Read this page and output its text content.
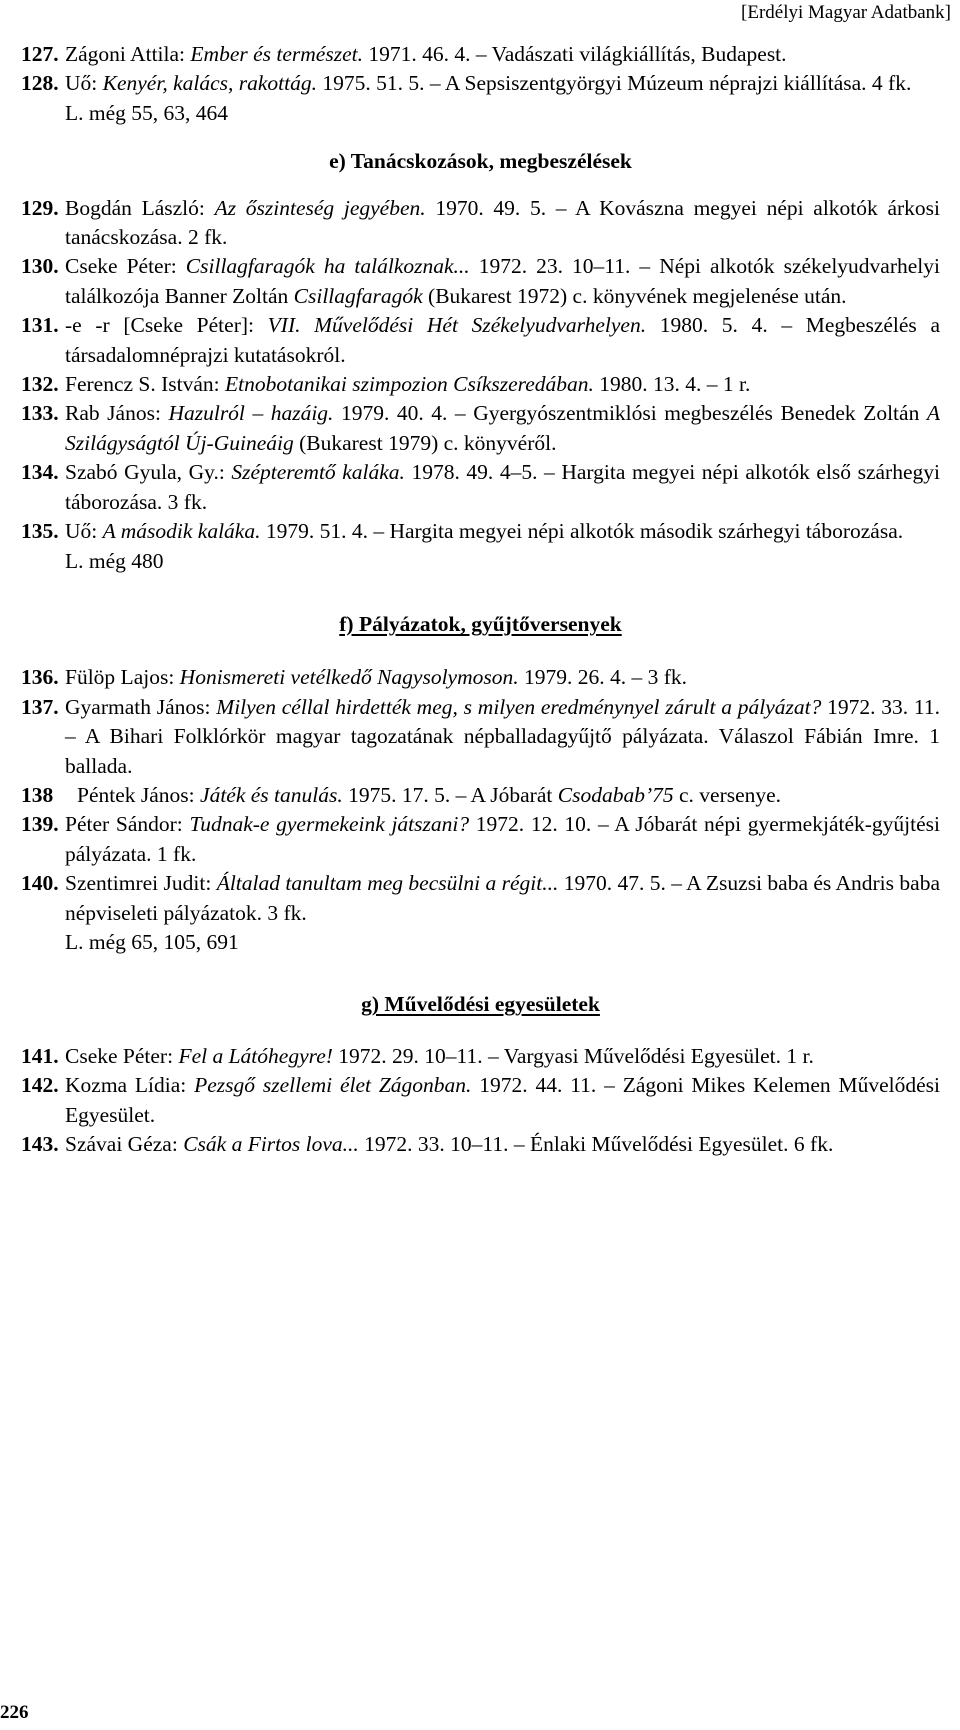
[Erdélyi Magyar Adatbank]
127. Zágoni Attila: Ember és természet. 1971. 46. 4. – Vadászati világkiállítás, Budapest.
128. Uő: Kenyér, kalács, rakottág. 1975. 51. 5. – A Sepsiszentgyörgyi Múzeum néprajzi kiállítása. 4 fk.
L. még 55, 63, 464
e) Tanácskozások, megbeszélések
129. Bogdán László: Az őszinteség jegyében. 1970. 49. 5. – A Kovászna megyei népi alkotók árkosi tanácskozása. 2 fk.
130. Cseke Péter: Csillagfaragók ha találkoznak... 1972. 23. 10–11. – Népi alkotók székelyudvarhelyi találkozója Banner Zoltán Csillagfaragók (Bukarest 1972) c. könyvének megjelenése után.
131. -e -r [Cseke Péter]: VII. Művelődési Hét Székelyudvarhelyen. 1980. 5. 4. – Megbeszélés a társadalomnéprajzi kutatásokról.
132. Ferencz S. István: Etnobotanikai szimpozion Csíkszeredában. 1980. 13. 4. – 1 r.
133. Rab János: Hazulról – hazáig. 1979. 40. 4. – Gyergyószentmiklósi megbeszélés Benedek Zoltán A Szilágyságtól Új-Guineáig (Bukarest 1979) c. könyvéről.
134. Szabó Gyula, Gy.: Szépteremtő kaláka. 1978. 49. 4–5. – Hargita megyei népi alkotók első szárhegyi táborozása. 3 fk.
135. Uő: A második kaláka. 1979. 51. 4. – Hargita megyei népi alkotók második szárhegyi táborozása.
L. még 480
f) Pályázatok, gyűjtőversenyek
136. Fülöp Lajos: Honismereti vetélkedő Nagysolymoson. 1979. 26. 4. – 3 fk.
137. Gyarmath János: Milyen céllal hirdették meg, s milyen eredménynyel zárult a pályázat? 1972. 33. 11. – A Bihari Folklórkör magyar tagozatának népballadagyűjtő pályázata. Válaszol Fábián Imre. 1 ballada.
138 Péntek János: Játék és tanulás. 1975. 17. 5. – A Jóbarát Csodabab’75 c. versenye.
139. Péter Sándor: Tudnak-e gyermekeink játszani? 1972. 12. 10. – A Jóbarát népi gyermekjáték-gyűjtési pályázata. 1 fk.
140. Szentimrei Judit: Általad tanultam meg becsülni a régit... 1970. 47. 5. – A Zsuzsi baba és Andris baba népviseleti pályázatok. 3 fk.
L. még 65, 105, 691
g) Művelődési egyesületek
141. Cseke Péter: Fel a Látóhegyre! 1972. 29. 10–11. – Vargyasi Művelődési Egyesület. 1 r.
142. Kozma Lídia: Pezsgő szellemi élet Zágonban. 1972. 44. 11. – Zágoni Mikes Kelemen Művelődési Egyesület.
143. Szávai Géza: Csák a Firtos lova... 1972. 33. 10–11. – Énlaki Művelődési Egyesület. 6 fk.
226
